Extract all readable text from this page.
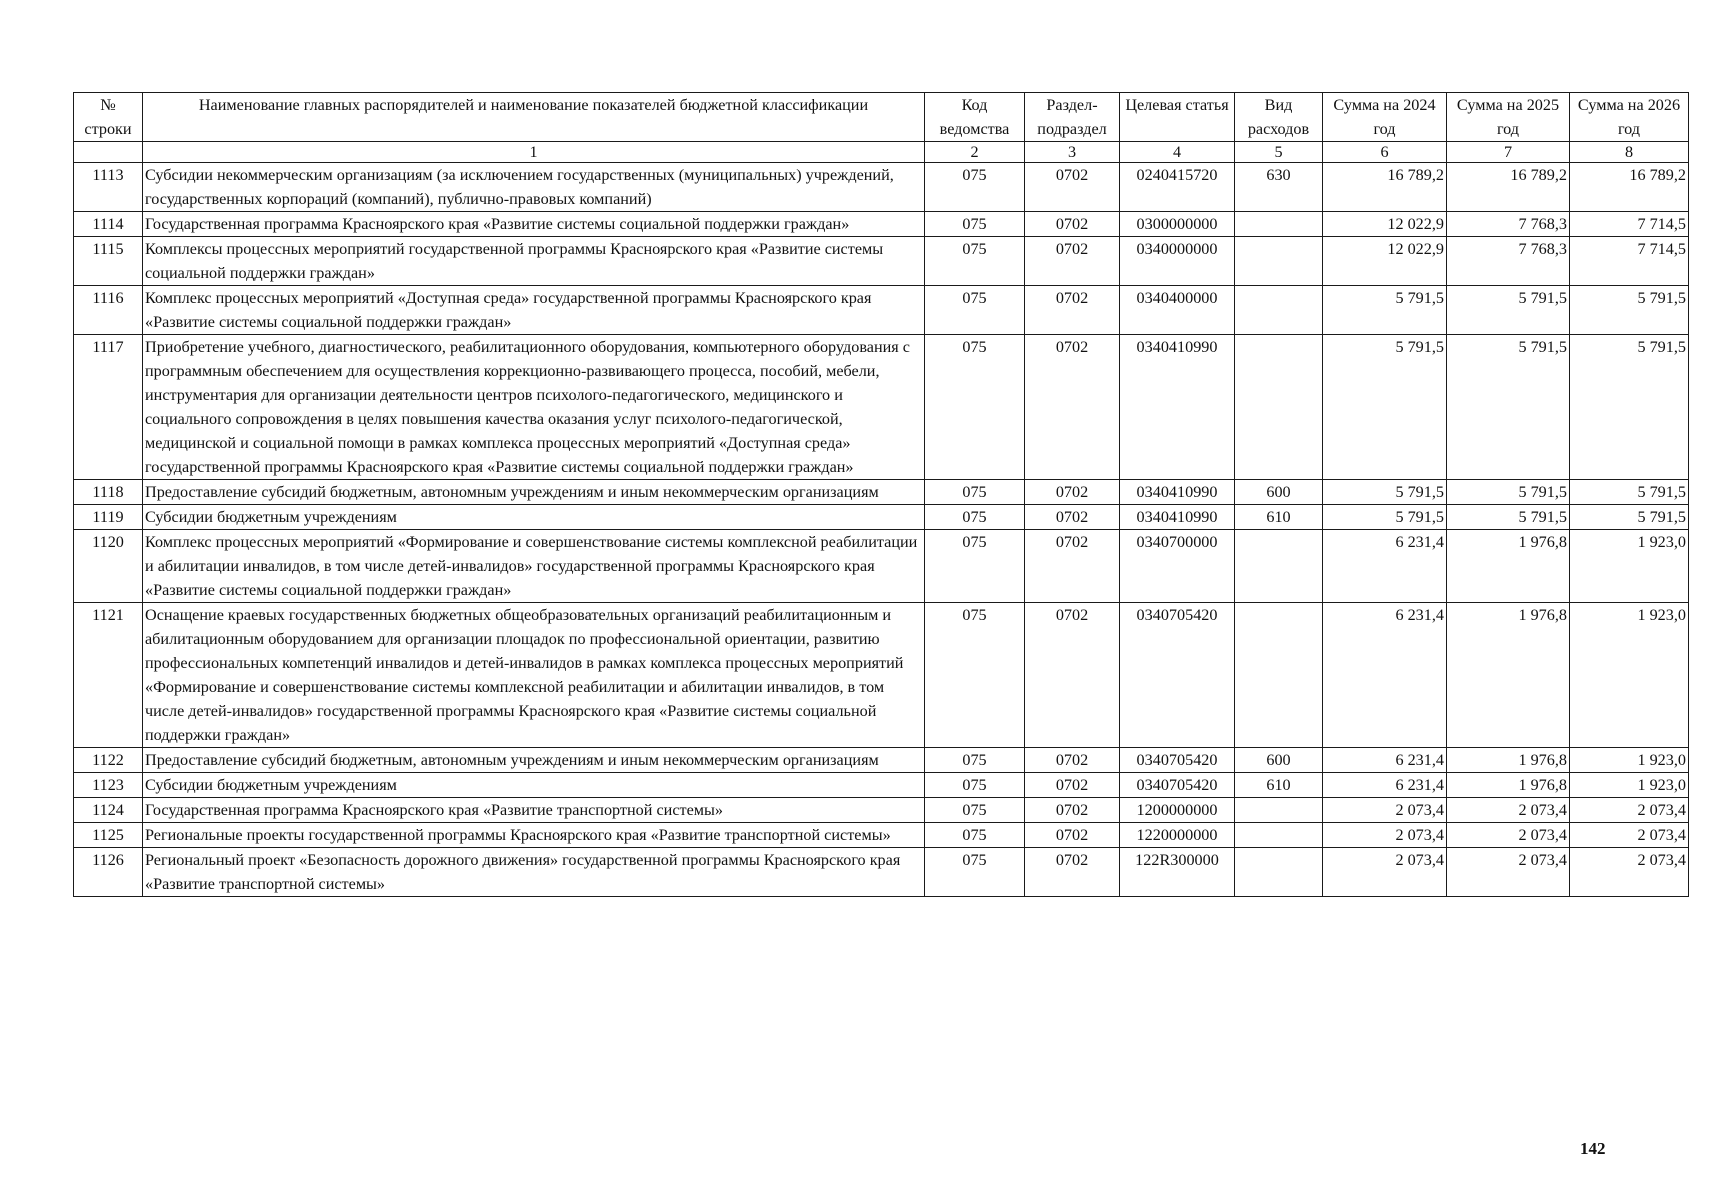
№ строки	Наименование главных распорядителей и наименование показателей бюджетной классификации	Код ведомства	Раздел-подраздел	Целевая статья	Вид расходов	Сумма на 2024 год	Сумма на 2025 год	Сумма на 2026 год
	1	2	3	4	5	6	7	8
1113	Субсидии некоммерческим организациям (за исключением государственных (муниципальных) учреждений, государственных корпораций (компаний), публично-правовых компаний)	075	0702	0240415720	630	16 789,2	16 789,2	16 789,2
1114	Государственная программа Красноярского края «Развитие системы социальной поддержки граждан»	075	0702	0300000000		12 022,9	7 768,3	7 714,5
1115	Комплексы процессных мероприятий государственной программы Красноярского края «Развитие системы социальной поддержки граждан»	075	0702	0340000000		12 022,9	7 768,3	7 714,5
1116	Комплекс процессных мероприятий «Доступная среда» государственной программы Красноярского края «Развитие системы социальной поддержки граждан»	075	0702	0340400000		5 791,5	5 791,5	5 791,5
1117	Приобретение учебного, диагностического, реабилитационного оборудования, компьютерного оборудования с программным обеспечением для осуществления коррекционно-развивающего процесса, пособий, мебели, инструментария для организации деятельности центров психолого-педагогического, медицинского и социального сопровождения в целях повышения качества оказания услуг психолого-педагогической, медицинской и социальной помощи в рамках комплекса процессных мероприятий «Доступная среда» государственной программы Красноярского края «Развитие системы социальной поддержки граждан»	075	0702	0340410990		5 791,5	5 791,5	5 791,5
1118	Предоставление субсидий бюджетным, автономным учреждениям и иным некоммерческим организациям	075	0702	0340410990	600	5 791,5	5 791,5	5 791,5
1119	Субсидии бюджетным учреждениям	075	0702	0340410990	610	5 791,5	5 791,5	5 791,5
1120	Комплекс процессных мероприятий «Формирование и совершенствование системы комплексной реабилитации и абилитации инвалидов, в том числе детей-инвалидов» государственной программы Красноярского края «Развитие системы социальной поддержки граждан»	075	0702	0340700000		6 231,4	1 976,8	1 923,0
1121	Оснащение краевых государственных бюджетных общеобразовательных организаций реабилитационным и абилитационным оборудованием для организации площадок по профессиональной ориентации, развитию профессиональных компетенций инвалидов и детей-инвалидов в рамках комплекса процессных мероприятий «Формирование и совершенствование системы комплексной реабилитации и абилитации инвалидов, в том числе детей-инвалидов» государственной программы Красноярского края «Развитие системы социальной поддержки граждан»	075	0702	0340705420		6 231,4	1 976,8	1 923,0
1122	Предоставление субсидий бюджетным, автономным учреждениям и иным некоммерческим организациям	075	0702	0340705420	600	6 231,4	1 976,8	1 923,0
1123	Субсидии бюджетным учреждениям	075	0702	0340705420	610	6 231,4	1 976,8	1 923,0
1124	Государственная программа Красноярского края «Развитие транспортной системы»	075	0702	1200000000		2 073,4	2 073,4	2 073,4
1125	Региональные проекты государственной программы Красноярского края «Развитие транспортной системы»	075	0702	1220000000		2 073,4	2 073,4	2 073,4
1126	Региональный проект «Безопасность дорожного движения» государственной программы Красноярского края «Развитие транспортной системы»	075	0702	122R300000		2 073,4	2 073,4	2 073,4
142
